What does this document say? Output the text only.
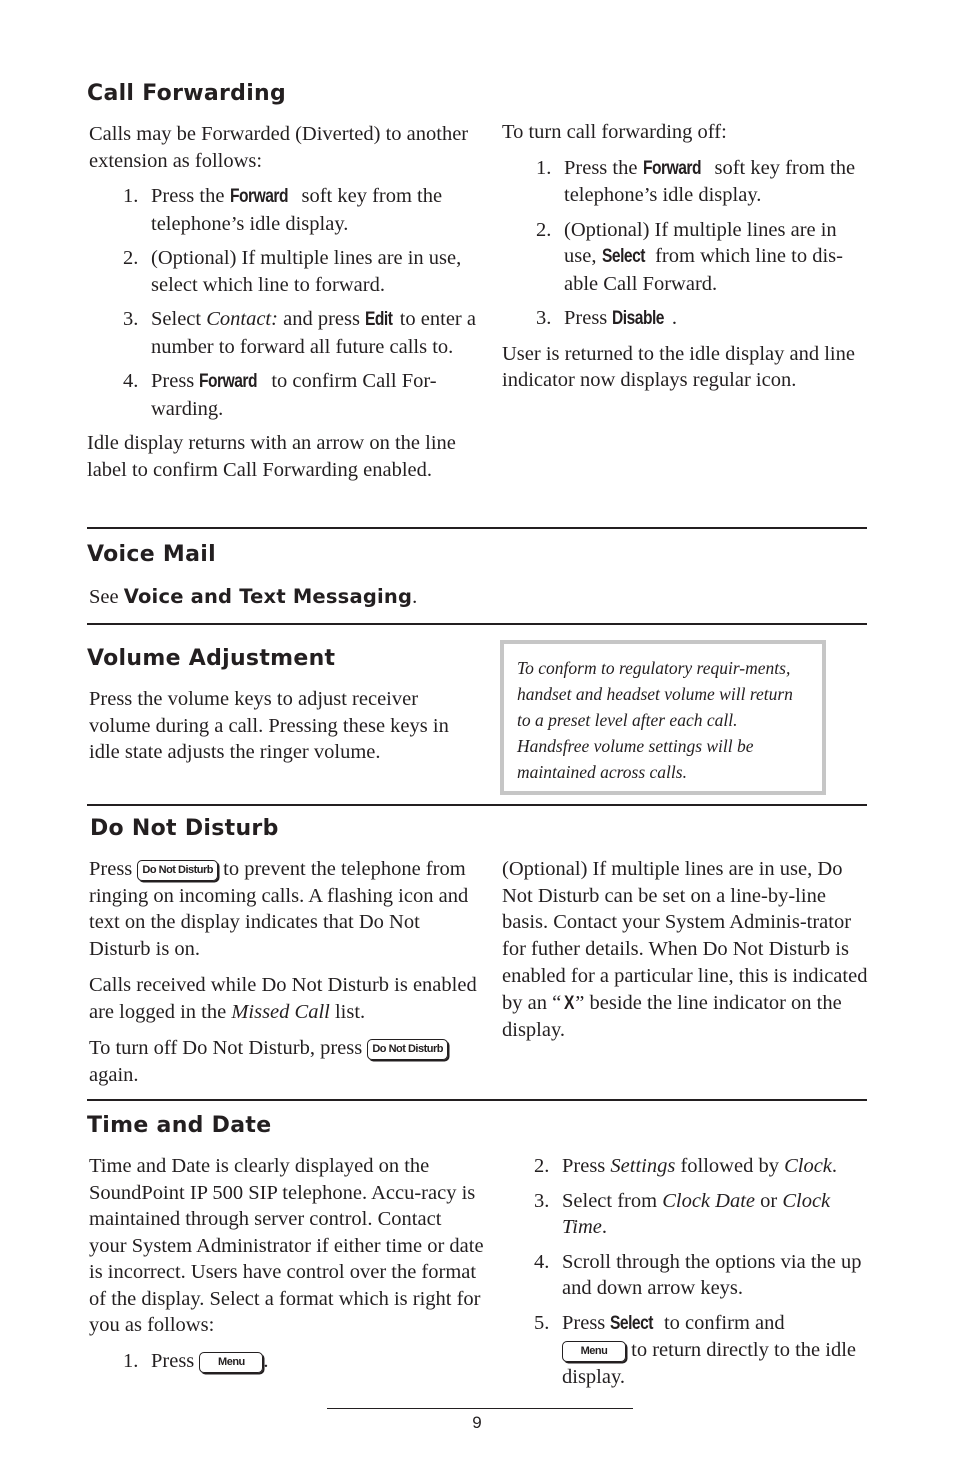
Call Forwarding

Calls may be Forwarded (Diverted) to another extension as follows:

1. Press the Forward soft key from the telephone’s idle display.
2. (Optional) If multiple lines are in use, select which line to forward.
3. Select Contact: and press Edit to enter a number to forward all future calls to.
4. Press Forward to confirm Call For-warding.

Idle display returns with an arrow on the line label to confirm Call Forwarding enabled.

To turn call forwarding off:

1. Press the Forward soft key from the telephone’s idle display.
2. (Optional) If multiple lines are in use, Select from which line to dis-able Call Forward.
3. Press Disable .

User is returned to the idle display and line indicator now displays regular icon.

Voice Mail
See Voice and Text Messaging.
Volume Adjustment

Press the volume keys to adjust receiver volume during a call. Pressing these keys in idle state adjusts the ringer volume.

To conform to regulatory requir-ments, handset and headset volume will return to a preset level after each call. Handsfree volume settings will be maintained across calls.

Do Not Disturb

Press Do Not Disturb to prevent the telephone from ringing on incoming calls. A flashing icon and text on the display indicates that Do Not Disturb is on.

Calls received while Do Not Disturb is enabled are logged in the Missed Call list.

To turn off Do Not Disturb, press Do Not Disturb again.

(Optional) If multiple lines are in use, Do Not Disturb can be set on a line-by-line basis. Contact your System Adminis-trator for futher details. When Do Not Disturb is enabled for a particular line, this is indicated by an “ X” beside the line indicator on the display.

Time and Date

Time and Date is clearly displayed on the SoundPoint IP 500 SIP telephone. Accu-racy is maintained through server control. Contact your System Administrator if either time or date is incorrect. Users have control over the format of the display. Select a format which is right for you as follows:

1. Press Menu .
2. Press Settings followed by Clock.
3. Select from Clock Date or Clock Time.
4. Scroll through the options via the up and down arrow keys.
5. Press Select to confirm and
Menu to return directly to the idle display.
9
